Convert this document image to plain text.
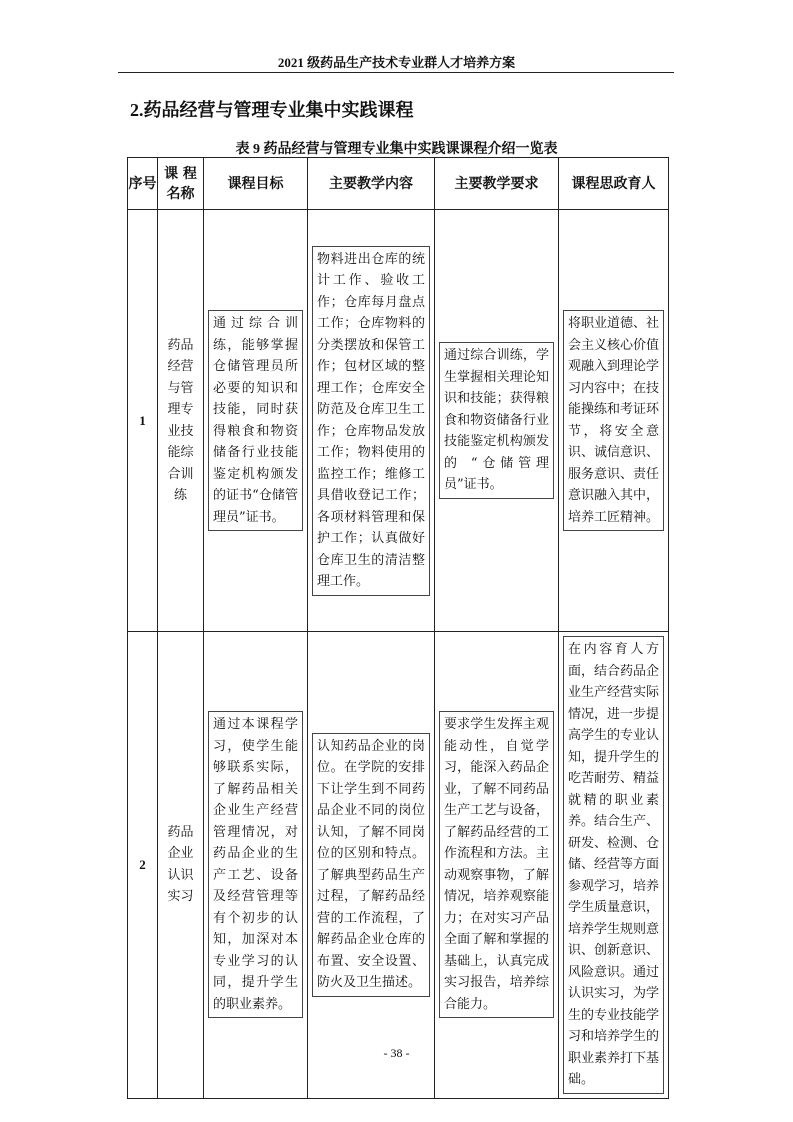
2021 级药品生产技术专业群人才培养方案
2.药品经营与管理专业集中实践课程
表 9 药品经营与管理专业集中实践课课程介绍一览表
序号	课 程名称	课程目标	主要教学内容	主要教学要求	课程思政育人
1	药品经营与管理专业技能综合训练	通过综合训练，能够掌握仓储管理员所必要的知识和技能，同时获得粮食和物资储备行业技能鉴定机构颁发的证书“仓储管理员”证书。	物料进出仓库的统计工作、验收工作；仓库每月盘点工作；仓库物料的分类摆放和保管工作；包材区域的整理工作；仓库安全防范及仓库卫生工作；仓库物品发放工作；物料使用的监控工作；维修工具借收登记工作；各项材料管理和保护工作；认真做好仓库卫生的清洁整理工作。	通过综合训练，学生掌握相关理论知识和技能；获得粮食和物资储备行业技能鉴定机构颁发的 “仓储管理员”证书。	将职业道德、社会主义核心价值观融入到理论学习内容中；在技能操练和考证环节，将安全意识、诚信意识、服务意识、责任意识融入其中，培养工匠精神。

2	药品企业认识实习	通过本课程学习，使学生能够联系实际，了解药品相关企业生产经营管理情况，对药品企业的生产工艺、设备及经营管理等有个初步的认知，加深对本专业学习的认同，提升学生的职业素养。	认知药品企业的岗位。在学院的安排下让学生到不同药品企业不同的岗位认知，了解不同岗位的区别和特点。了解典型药品生产过程，了解药品经营的工作流程，了解药品企业仓库的布置、安全设置、防火及卫生描述。	要求学生发挥主观能动性，自觉学习，能深入药品企业，了解不同药品生产工艺与设备，了解药品经营的工作流程和方法。主动观察事物，了解情况，培养观察能力；在对实习产品全面了解和掌握的基础上，认真完成实习报告，培养综合能力。	在内容育人方面，结合药品企业生产经营实际情况，进一步提高学生的专业认知，提升学生的吃苦耐劳、精益就精的职业素养。结合生产、研发、检测、仓储、经营等方面参观学习，培养学生质量意识，培养学生规则意识、创新意识、风险意识。通过认识实习，为学生的专业技能学习和培养学生的职业素养打下基础。
- 38 -
